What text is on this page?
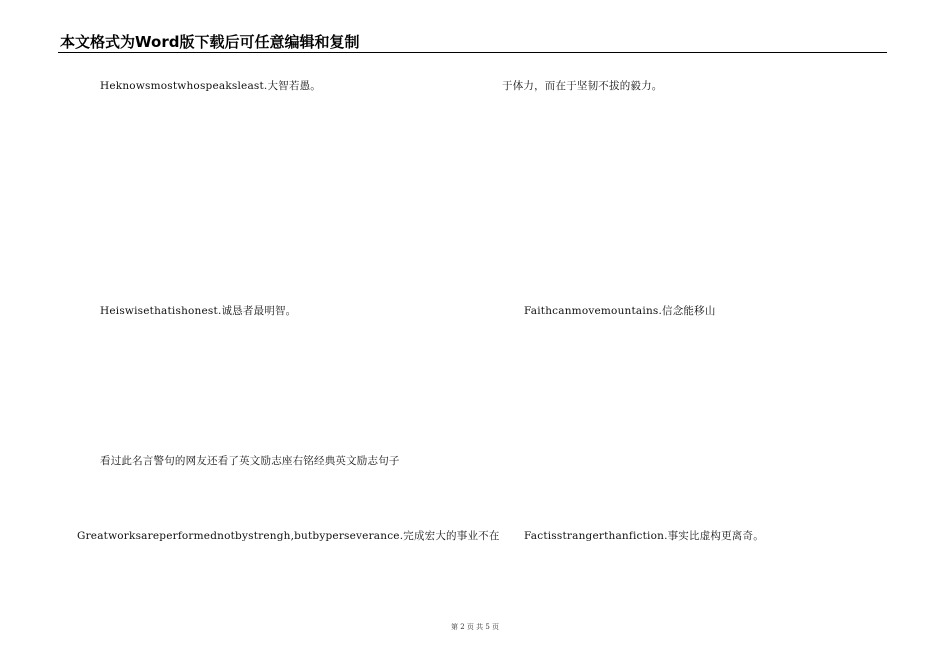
本文格式为Word版下载后可任意编辑和复制
Heknowsmostwhospeaksleast.大智若愚。	于体力，而在于坚韧不拔的毅力。
Heiswisethatishonest.诚恳者最明智。	Faithcanmovemountains.信念能移山
看过此名言警句的网友还看了英文励志座右铭经典英文励志句子
Greatworksareperformednotbystrengh,butbyperseverance.完成宏大的事业不在 Factisstrangerthanfiction.事实比虚构更离奇。
第 2 页 共 5 页
